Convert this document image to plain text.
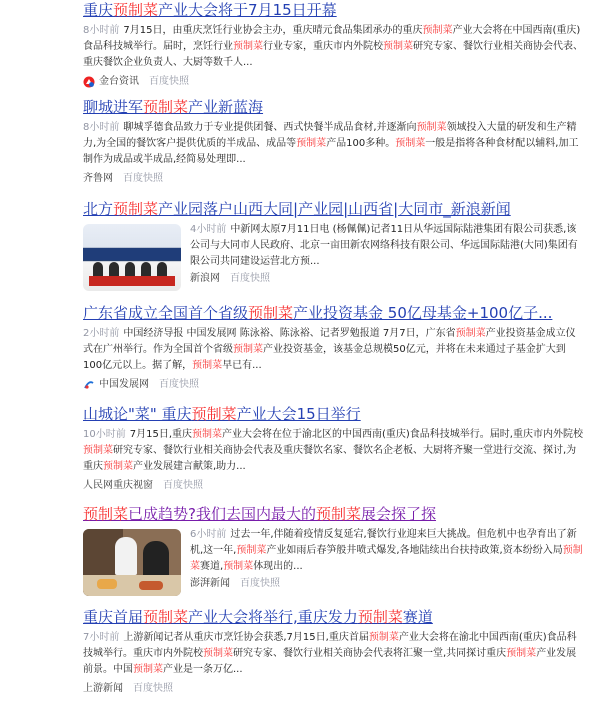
重庆预制菜产业大会将于7月15日开幕
8小时前 7月15日，由重庆烹饪行业协会主办，重庆晴元食品集团承办的重庆预制菜产业大会将在中国西南(重庆)食品科技城举行。届时，烹饪行业预制菜行业专家，重庆市内外院校预制菜研究专家、餐饮行业相关商协会代表、重庆餐饮企业负责人、大厨等数千人...
金台资讯 百度快照
聊城进军预制菜产业新蓝海
8小时前 聊城孚德食品致力于专业提供团餐、西式快餐半成品食材,并逐渐向预制菜领域投入大量的研发和生产精力,为全国的餐饮客户提供优质的半成品、成品等预制菜产品100多种。预制菜一般是指将各种食材配以辅料,加工制作为成品或半成品,经简易处理即...
齐鲁网 百度快照
北方预制菜产业园落户山西大同|产业园|山西省|大同市_新浪新闻
4小时前 中新网太原7月11日电 (杨佩佩)记者11日从华远国际陆港集团有限公司获悉,该公司与大同市人民政府、北京一亩田新农网络科技有限公司、华远国际陆港(大同)集团有限公司共同建设运营北方预...
新浪网 百度快照
广东省成立全国首个省级预制菜产业投资基金 50亿母基金+100亿子...
2小时前 中国经济导报 中国发展网 陈泳裕、陈泳裕、记者罗勉报道 7月7日，广东省预制菜产业投资基金成立仪式在广州举行。作为全国首个省级预制菜产业投资基金，该基金总规模50亿元，并将在未来通过子基金扩大到100亿元以上。据了解，预制菜早已有...
中国发展网 百度快照
山城论"菜" 重庆预制菜产业大会15日举行
10小时前 7月15日,重庆预制菜产业大会将在位于渝北区的中国西南(重庆)食品科技城举行。届时,重庆市内外院校预制菜研究专家、餐饮行业相关商协会代表及重庆餐饮名家、餐饮名企老板、大厨将齐聚一堂进行交流、探讨,为重庆预制菜产业发展建言献策,助力...
人民网重庆视窗 百度快照
预制菜已成趋势?我们去国内最大的预制菜展会探了探
6小时前 过去一年,伴随着疫情反复延宕,餐饮行业迎来巨大挑战。但危机中也孕育出了新机,这一年,预制菜产业如雨后春笋般井喷式爆发,各地陆续出台扶持政策,资本纷纷入局预制菜赛道,预制菜体现出的...
澎湃新闻 百度快照
重庆首届预制菜产业大会将举行,重庆发力预制菜赛道
7小时前 上游新闻记者从重庆市烹饪协会获悉,7月15日,重庆首届预制菜产业大会将在渝北中国西南(重庆)食品科技城举行。重庆市内外院校预制菜研究专家、餐饮行业相关商协会代表将汇聚一堂,共同探讨重庆预制菜产业发展前景。中国预制菜产业是一条万亿...
上游新闻 百度快照
